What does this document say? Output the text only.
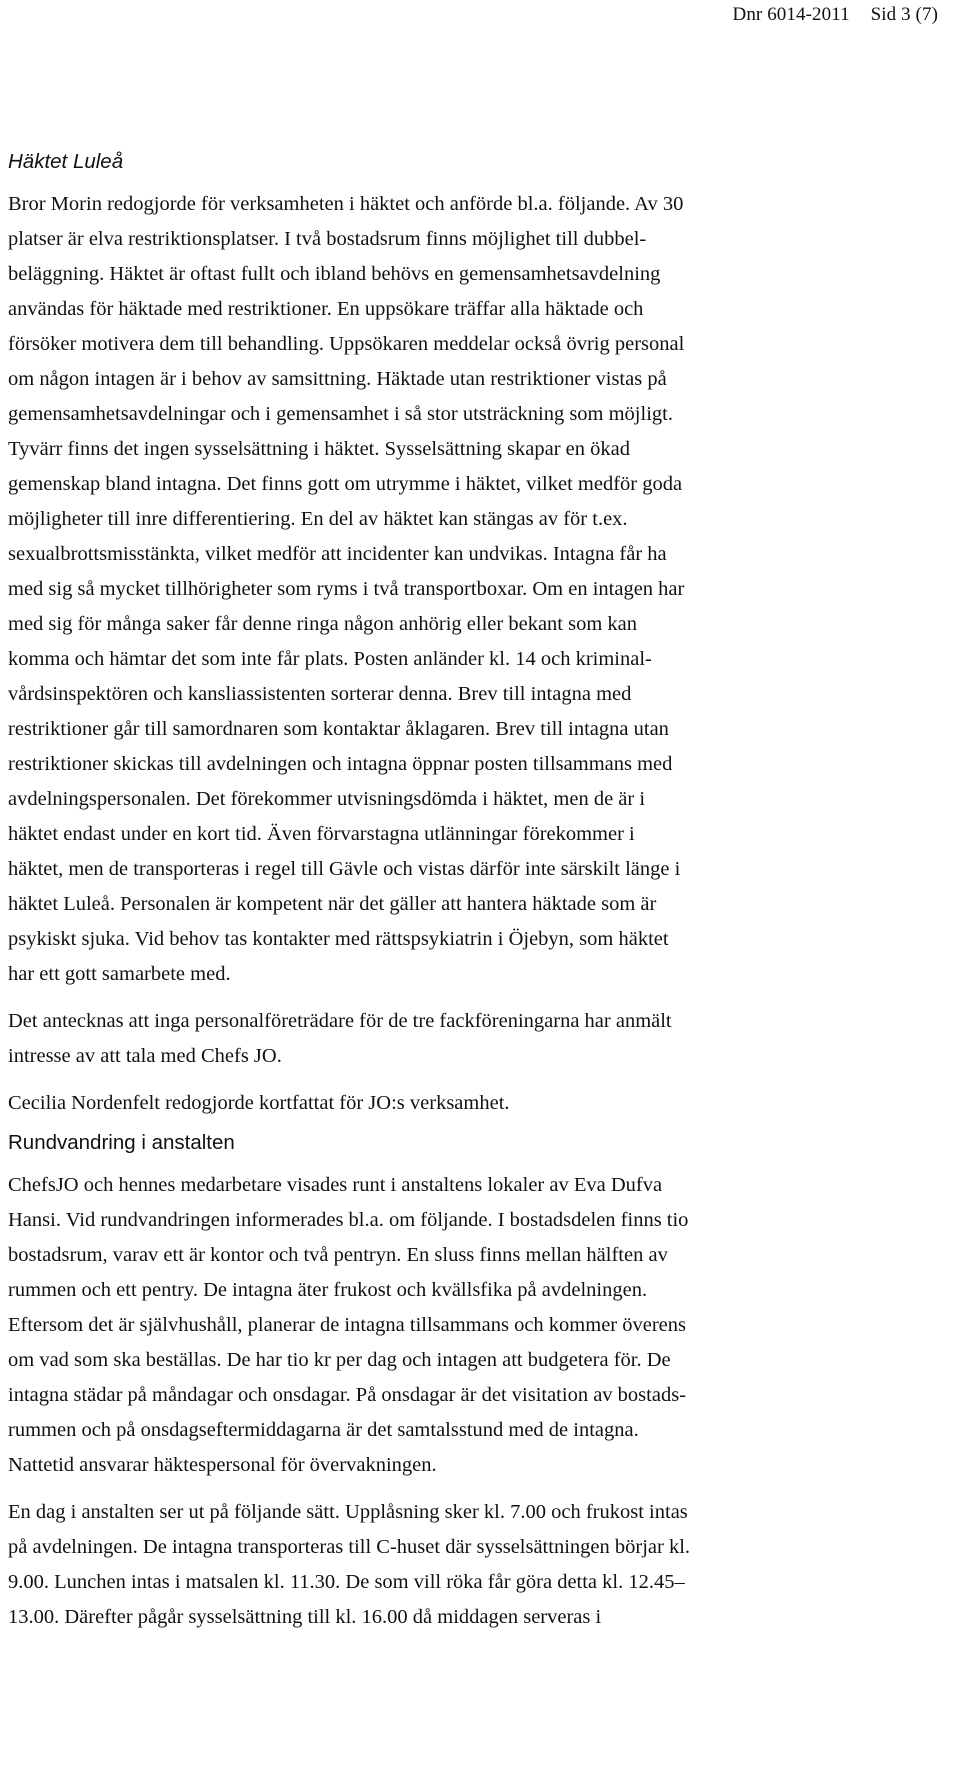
Dnr 6014-2011 Sid 3 (7)
Häktet Luleå

Bror Morin redogjorde för verksamheten i häktet och anförde bl.a. följande. Av 30
platser är elva restriktionsplatser. I två bostadsrum finns möjlighet till dubbel-
beläggning. Häktet är oftast fullt och ibland behövs en gemensamhetsavdelning
användas för häktade med restriktioner. En uppsökare träffar alla häktade och
försöker motivera dem till behandling. Uppsökaren meddelar också övrig personal
om någon intagen är i behov av samsittning. Häktade utan restriktioner vistas på
gemensamhetsavdelningar och i gemensamhet i så stor utsträckning som möjligt.
Tyvärr finns det ingen sysselsättning i häktet. Sysselsättning skapar en ökad
gemenskap bland intagna. Det finns gott om utrymme i häktet, vilket medför goda
möjligheter till inre differentiering. En del av häktet kan stängas av för t.ex.
sexualbrottsmisstänkta, vilket medför att incidenter kan undvikas. Intagna får ha
med sig så mycket tillhörigheter som ryms i två transportboxar. Om en intagen har
med sig för många saker får denne ringa någon anhörig eller bekant som kan
komma och hämtar det som inte får plats. Posten anländer kl. 14 och kriminal-
vårdsinspektören och kansliassistenten sorterar denna. Brev till intagna med
restriktioner går till samordnaren som kontaktar åklagaren. Brev till intagna utan
restriktioner skickas till avdelningen och intagna öppnar posten tillsammans med
avdelningspersonalen. Det förekommer utvisningsdömda i häktet, men de är i
häktet endast under en kort tid. Även förvarstagna utlänningar förekommer i
häktet, men de transporteras i regel till Gävle och vistas därför inte särskilt länge i
häktet Luleå. Personalen är kompetent när det gäller att hantera häktade som är
psykiskt sjuka. Vid behov tas kontakter med rättspsykiatrin i Öjebyn, som häktet
har ett gott samarbete med.

Det antecknas att inga personalföreträdare för de tre fackföreningarna har anmält
intresse av att tala med Chefs JO.

Cecilia Nordenfelt redogjorde kortfattat för JO:s verksamhet.

Rundvandring i anstalten

ChefsJO och hennes medarbetare visades runt i anstaltens lokaler av Eva Dufva
Hansi. Vid rundvandringen informerades bl.a. om följande. I bostadsdelen finns tio
bostadsrum, varav ett är kontor och två pentryn. En sluss finns mellan hälften av
rummen och ett pentry. De intagna äter frukost och kvällsfika på avdelningen.
Eftersom det är självhushåll, planerar de intagna tillsammans och kommer överens
om vad som ska beställas. De har tio kr per dag och intagen att budgetera för. De
intagna städar på måndagar och onsdagar. På onsdagar är det visitation av bostads-
rummen och på onsdagseftermiddagarna är det samtalsstund med de intagna.
Nattetid ansvarar häktespersonal för övervakningen.

En dag i anstalten ser ut på följande sätt. Upplåsning sker kl. 7.00 och frukost intas
på avdelningen. De intagna transporteras till C-huset där sysselsättningen börjar kl.
9.00. Lunchen intas i matsalen kl. 11.30. De som vill röka får göra detta kl. 12.45–
13.00. Därefter pågår sysselsättning till kl. 16.00 då middagen serveras i
